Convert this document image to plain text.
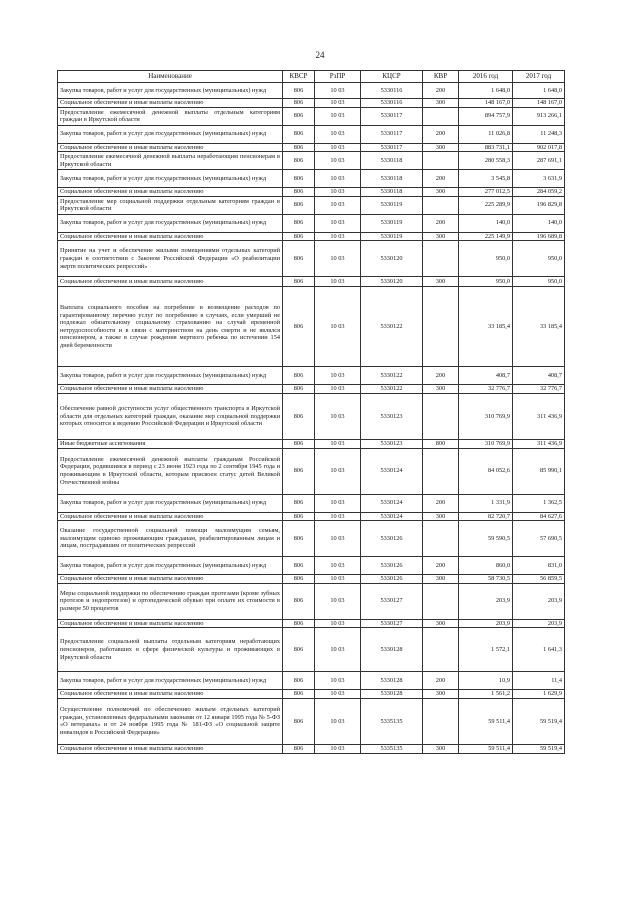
24
Наименование	КВСР	РзПР	КЦСР	КВР	2016 год	2017 год
Закупка товаров, работ и услуг для государственных (муниципальных) нужд	806	10 03	5330116	200	1 648,0	1 648,0
Социальное обеспечение и иные выплаты населению	806	10 03	5330116	300	148 167,0	148 167,0
Предоставление ежемесячной денежной выплаты отдельным категориям граждан в Иркутской области	806	10 03	5330117		894 757,9	913 266,1
Закупка товаров, работ и услуг для государственных (муниципальных) нужд	806	10 03	5330117	200	11 026,8	11 248,3
Социальное обеспечение и иные выплаты населению	806	10 03	5330117	300	883 731,1	902 017,8
Предоставление ежемесячной денежной выплаты неработающим пенсионерам в Иркутской области	806	10 03	5330118		280 558,3	287 691,1
Закупка товаров, работ и услуг для государственных (муниципальных) нужд	806	10 03	5330118	200	3 545,8	3 631,9
Социальное обеспечение и иные выплаты населению	806	10 03	5330118	300	277 012,5	284 059,2
Предоставление мер социальной поддержки отдельным категориям граждан в Иркутской области	806	10 03	5330119		225 289,9	196 829,8
Закупка товаров, работ и услуг для государственных (муниципальных) нужд	806	10 03	5330119	200	140,0	140,0
Социальное обеспечение и иные выплаты населению	806	10 03	5330119	300	225 149,9	196 689,8
Принятие на учет и обеспечение жилыми помещениями отдельных категорий граждан в соответствии с Законом Российской Федерации «О реабилитации жертв политических репрессий»	806	10 03	5330120		950,0	950,0
Социальное обеспечение и иные выплаты населению	806	10 03	5330120	300	950,0	950,0
Выплата социального пособия на погребение и возмещение расходов по гарантированному перечню услуг по погребению в случаях, если умерший не подлежал обязательному социальному страхованию на случай временной нетрудоспособности и в связи с материнством на день смерти и не являлся пенсионером, а также в случае рождения мертвого ребенка по истечении 154 дней беременности	806	10 03	5330122		33 185,4	33 185,4
Закупка товаров, работ и услуг для государственных (муниципальных) нужд	806	10 03	5330122	200	408,7	408,7
Социальное обеспечение и иные выплаты населению	806	10 03	5330122	300	32 776,7	32 776,7
Обеспечение равной доступности услуг общественного транспорта в Иркутской области для отдельных категорий граждан, оказание мер социальной поддержки которых относится к ведению Российской Федерации и Иркутской области	806	10 03	5330123		310 769,9	311 436,9
Иные бюджетные ассигнования	806	10 03	5330123	800	310 769,9	311 436,9
Предоставление ежемесячной денежной выплаты гражданам Российской Федерации, родившимся в период с 23 июня 1923 года по 2 сентября 1945 года и проживающим в Иркутской области, которым присвоен статус детей Великой Отечественной войны	806	10 03	5330124		84 052,6	85 990,1
Закупка товаров, работ и услуг для государственных (муниципальных) нужд	806	10 03	5330124	200	1 331,9	1 362,5
Социальное обеспечение и иные выплаты населению	806	10 03	5330124	300	82 720,7	84 627,6
Оказание государственной социальной помощи малоимущим семьям, малоимущим одиноко проживающим гражданам, реабилитированным лицам и лицам, пострадавшим от политических репрессий	806	10 03	5330126		59 590,5	57 690,5
Закупка товаров, работ и услуг для государственных (муниципальных) нужд	806	10 03	5330126	200	860,0	831,0
Социальное обеспечение и иные выплаты населению	806	10 03	5330126	300	58 730,5	56 859,5
Меры социальной поддержки по обеспечению граждан протезами (кроме зубных протезов и эндопротезов) и ортопедической обувью при оплате их стоимости в размере 50 процентов	806	10 03	5330127		203,9	203,9
Социальное обеспечение и иные выплаты населению	806	10 03	5330127	300	203,9	203,9
Предоставление социальной выплаты отдельным категориям неработающих пенсионеров, работавших в сфере физической культуры и проживающих в Иркутской области	806	10 03	5330128		1 572,1	1 641,3
Закупка товаров, работ и услуг для государственных (муниципальных) нужд	806	10 03	5330128	200	10,9	11,4
Социальное обеспечение и иные выплаты населению	806	10 03	5330128	300	1 561,2	1 629,9
Осуществление полномочий по обеспечению жильем отдельных категорий граждан, установленных федеральными законами от 12 января 1995 года № 5-ФЗ «О ветеранах» и от 24 ноября 1995 года № 181-ФЗ «О социальной защите инвалидов в Российской Федерации»	806	10 03	5335135		59 511,4	59 519,4
Социальное обеспечение и иные выплаты населению	806	10 03	5335135	300	59 511,4	59 519,4
